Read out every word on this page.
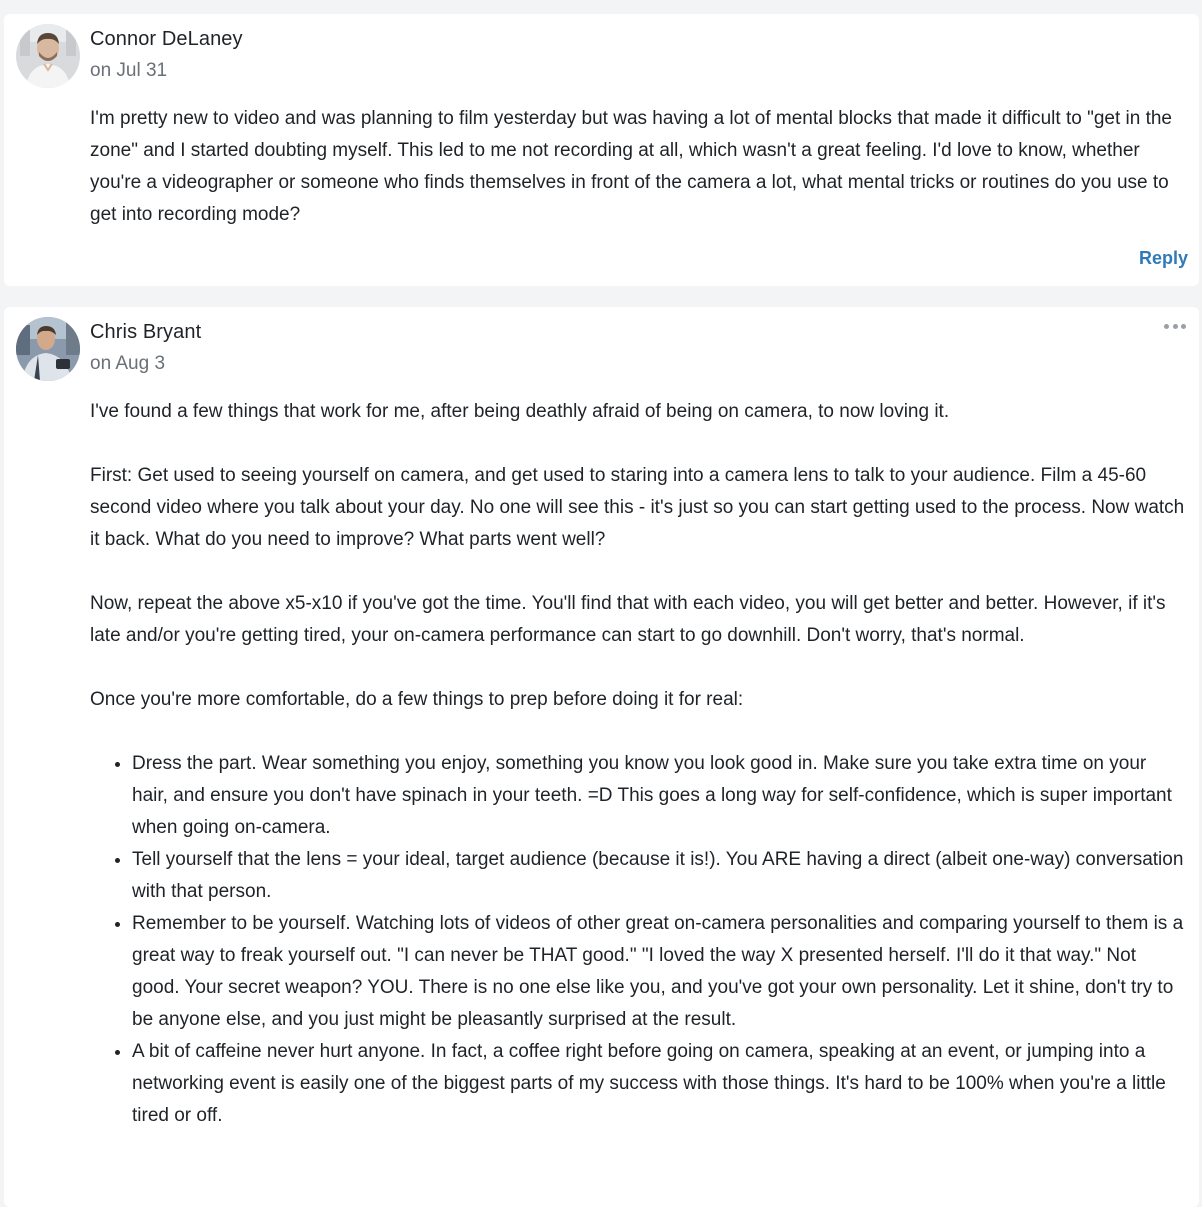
Connor DeLaney
on Jul 31

I'm pretty new to video and was planning to film yesterday but was having a lot of mental blocks that made it difficult to "get in the zone" and I started doubting myself. This led to me not recording at all, which wasn't a great feeling. I'd love to know, whether you're a videographer or someone who finds themselves in front of the camera a lot, what mental tricks or routines do you use to get into recording mode?

Reply
Chris Bryant
on Aug 3

I've found a few things that work for me, after being deathly afraid of being on camera, to now loving it.

First: Get used to seeing yourself on camera, and get used to staring into a camera lens to talk to your audience. Film a 45-60 second video where you talk about your day. No one will see this - it's just so you can start getting used to the process. Now watch it back. What do you need to improve? What parts went well?

Now, repeat the above x5-x10 if you've got the time. You'll find that with each video, you will get better and better. However, if it's late and/or you're getting tired, your on-camera performance can start to go downhill. Don't worry, that's normal.

Once you're more comfortable, do a few things to prep before doing it for real:

• Dress the part. Wear something you enjoy, something you know you look good in. Make sure you take extra time on your hair, and ensure you don't have spinach in your teeth. =D This goes a long way for self-confidence, which is super important when going on-camera.
• Tell yourself that the lens = your ideal, target audience (because it is!). You ARE having a direct (albeit one-way) conversation with that person.
• Remember to be yourself. Watching lots of videos of other great on-camera personalities and comparing yourself to them is a great way to freak yourself out. "I can never be THAT good." "I loved the way X presented herself. I'll do it that way." Not good. Your secret weapon? YOU. There is no one else like you, and you've got your own personality. Let it shine, don't try to be anyone else, and you just might be pleasantly surprised at the result.
• A bit of caffeine never hurt anyone. In fact, a coffee right before going on camera, speaking at an event, or jumping into a networking event is easily one of the biggest parts of my success with those things. It's hard to be 100% when you're a little tired or off.
